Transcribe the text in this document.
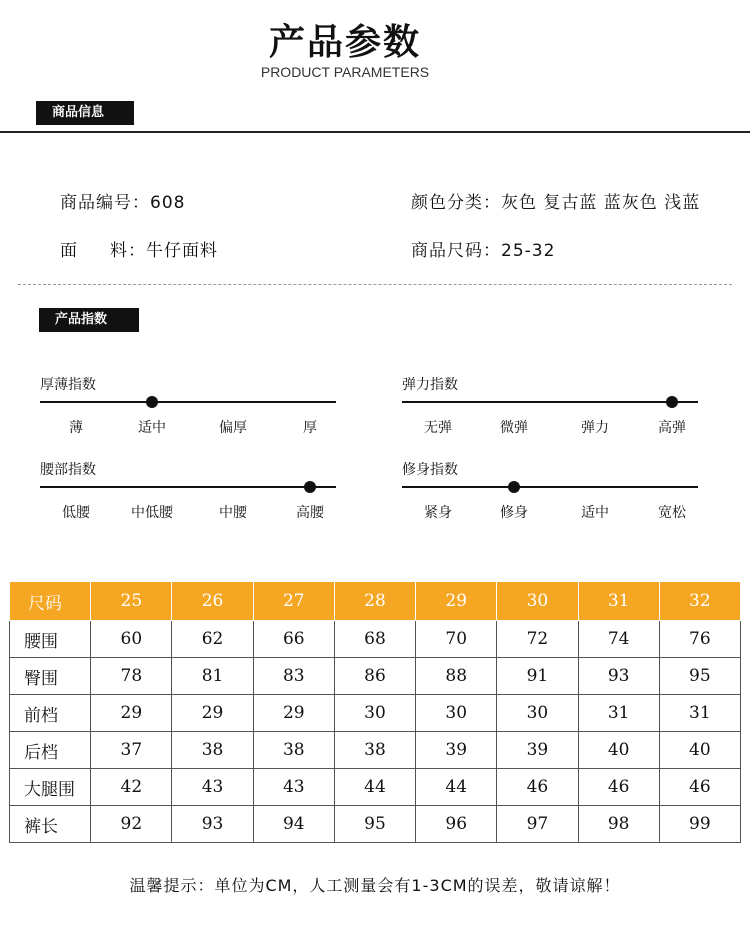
产品参数
PRODUCT PARAMETERS
商品信息
商品编号：608	颜色分类：灰色 复古蓝 蓝灰色 浅蓝
面     料：牛仔面料	商品尺码：25-32
产品指数
厚薄指数
薄	适中	偏厚	厚
弹力指数
无弹	微弹	弹力	高弹
腰部指数
低腰	中低腰	中腰	高腰
修身指数
紧身	修身	适中	宽松
尺码	25	26	27	28	29	30	31	32
腰围	60	62	66	68	70	72	74	76
臀围	78	81	83	86	88	91	93	95
前档	29	29	29	30	30	30	31	31
后档	37	38	38	38	39	39	40	40
大腿围	42	43	43	44	44	46	46	46
裤长	92	93	94	95	96	97	98	99
温馨提示：单位为CM，人工测量会有1-3CM的误差，敬请谅解！
